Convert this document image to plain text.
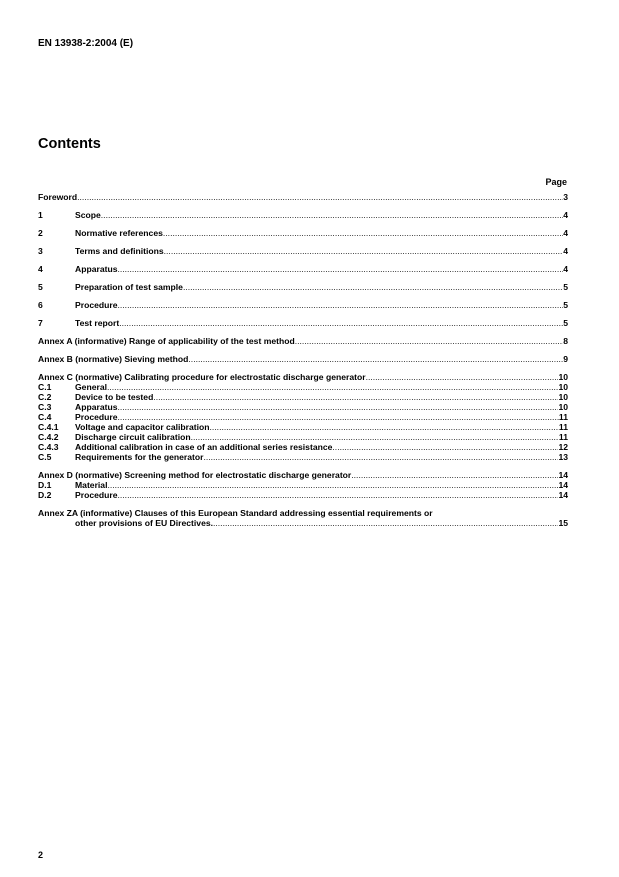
EN 13938-2:2004 (E)
Contents
Page
Foreword .....	3
1	Scope .....	4
2	Normative references .....	4
3	Terms and definitions .....	4
4	Apparatus .....	4
5	Preparation of test sample .....	5
6	Procedure .....	5
7	Test report .....	5
Annex A (informative) Range of applicability of the test method .....	8
Annex B (normative) Sieving method .....	9
Annex C (normative) Calibrating procedure for electrostatic discharge generator .....	10
C.1	General .....	10
C.2	Device to be tested .....	10
C.3	Apparatus .....	10
C.4	Procedure .....	11
C.4.1	Voltage and capacitor calibration .....	11
C.4.2	Discharge circuit calibration .....	11
C.4.3	Additional calibration in case of an additional series resistance .....	12
C.5	Requirements for the generator .....	13
Annex D (normative) Screening method for electrostatic discharge generator .....	14
D.1	Material .....	14
D.2	Procedure .....	14
Annex ZA (informative) Clauses of this European Standard addressing essential requirements or
other provisions of EU Directives. .....	15
2
